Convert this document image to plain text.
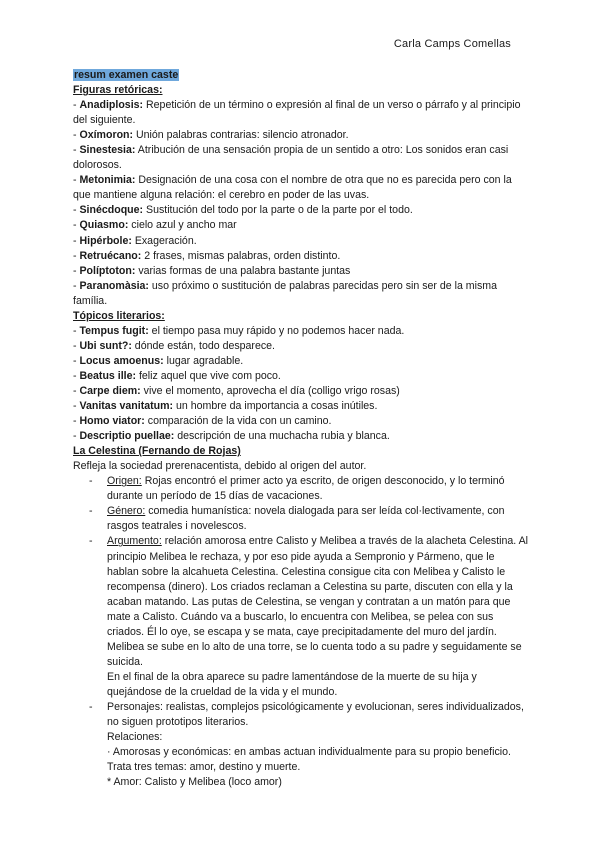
Carla Camps Comellas
resum examen caste
Figuras retóricas:
- Anadiplosis: Repetición de un término o expresión al final de un verso o párrafo y al principio del siguiente.
- Oxímoron: Unión palabras contrarias: silencio atronador.
- Sinestesia: Atribución de una sensación propia de un sentido a otro: Los sonidos eran casi dolorosos.
- Metonimia: Designación de una cosa con el nombre de otra que no es parecida pero con la que mantiene alguna relación: el cerebro en poder de las uvas.
- Sinécdoque: Sustitución del todo por la parte o de la parte por el todo.
- Quiasmo: cielo azul y ancho mar
- Hipérbole: Exageración.
- Retruécano: 2 frases, mismas palabras, orden distinto.
- Políptoton: varias formas de una palabra bastante juntas
- Paranomàsia: uso próximo o sustitución de palabras parecidas pero sin ser de la misma família.
Tópicos literarios:
- Tempus fugit: el tiempo pasa muy rápido y no podemos hacer nada.
- Ubi sunt?: dónde están, todo desparece.
- Locus amoenus: lugar agradable.
- Beatus ille: feliz aquel que vive com poco.
- Carpe diem: vive el momento, aprovecha el día (colligo vrigo rosas)
- Vanitas vanitatum: un hombre da importancia a cosas inútiles.
- Homo viator: comparación de la vida con un camino.
- Descriptio puellae: descripción de una muchacha rubia y blanca.
La Celestina (Fernando de Rojas)
Refleja la sociedad prerenacentista, debido al origen del autor.
- Origen: Rojas encontró el primer acto ya escrito, de origen desconocido, y lo terminó durante un período de 15 días de vacaciones.
- Género: comedia humanística: novela dialogada para ser leída col·lectivamente, con rasgos teatrales i novelescos.
- Argumento: relación amorosa entre Calisto y Melibea a través de la alacheta Celestina. Al principio Melibea le rechaza, y por eso pide ayuda a Sempronio y Pármeno, que le hablan sobre la alcahueta Celestina. Celestina consigue cita con Melibea y Calisto le recompensa (dinero). Los criados reclaman a Celestina su parte, discuten con ella y la acaban matando. Las putas de Celestina, se vengan y contratan a un matón para que mate a Calisto. Cuándo va a buscarlo, lo encuentra con Melibea, se pelea con sus criados. Él lo oye, se escapa y se mata, caye precipitadamente del muro del jardín. Melibea se sube en lo alto de una torre, se lo cuenta todo a su padre y seguidamente se suicida.
En el final de la obra aparece su padre lamentándose de la muerte de su hija y quejándose de la crueldad de la vida y el mundo.
- Personajes: realistas, complejos psicológicamente y evolucionan, seres individualizados, no siguen prototipos literarios.
Relaciones:
· Amorosas y económicas: en ambas actuan individualmente para su propio beneficio. Trata tres temas: amor, destino y muerte.
* Amor: Calisto y Melibea (loco amor)
